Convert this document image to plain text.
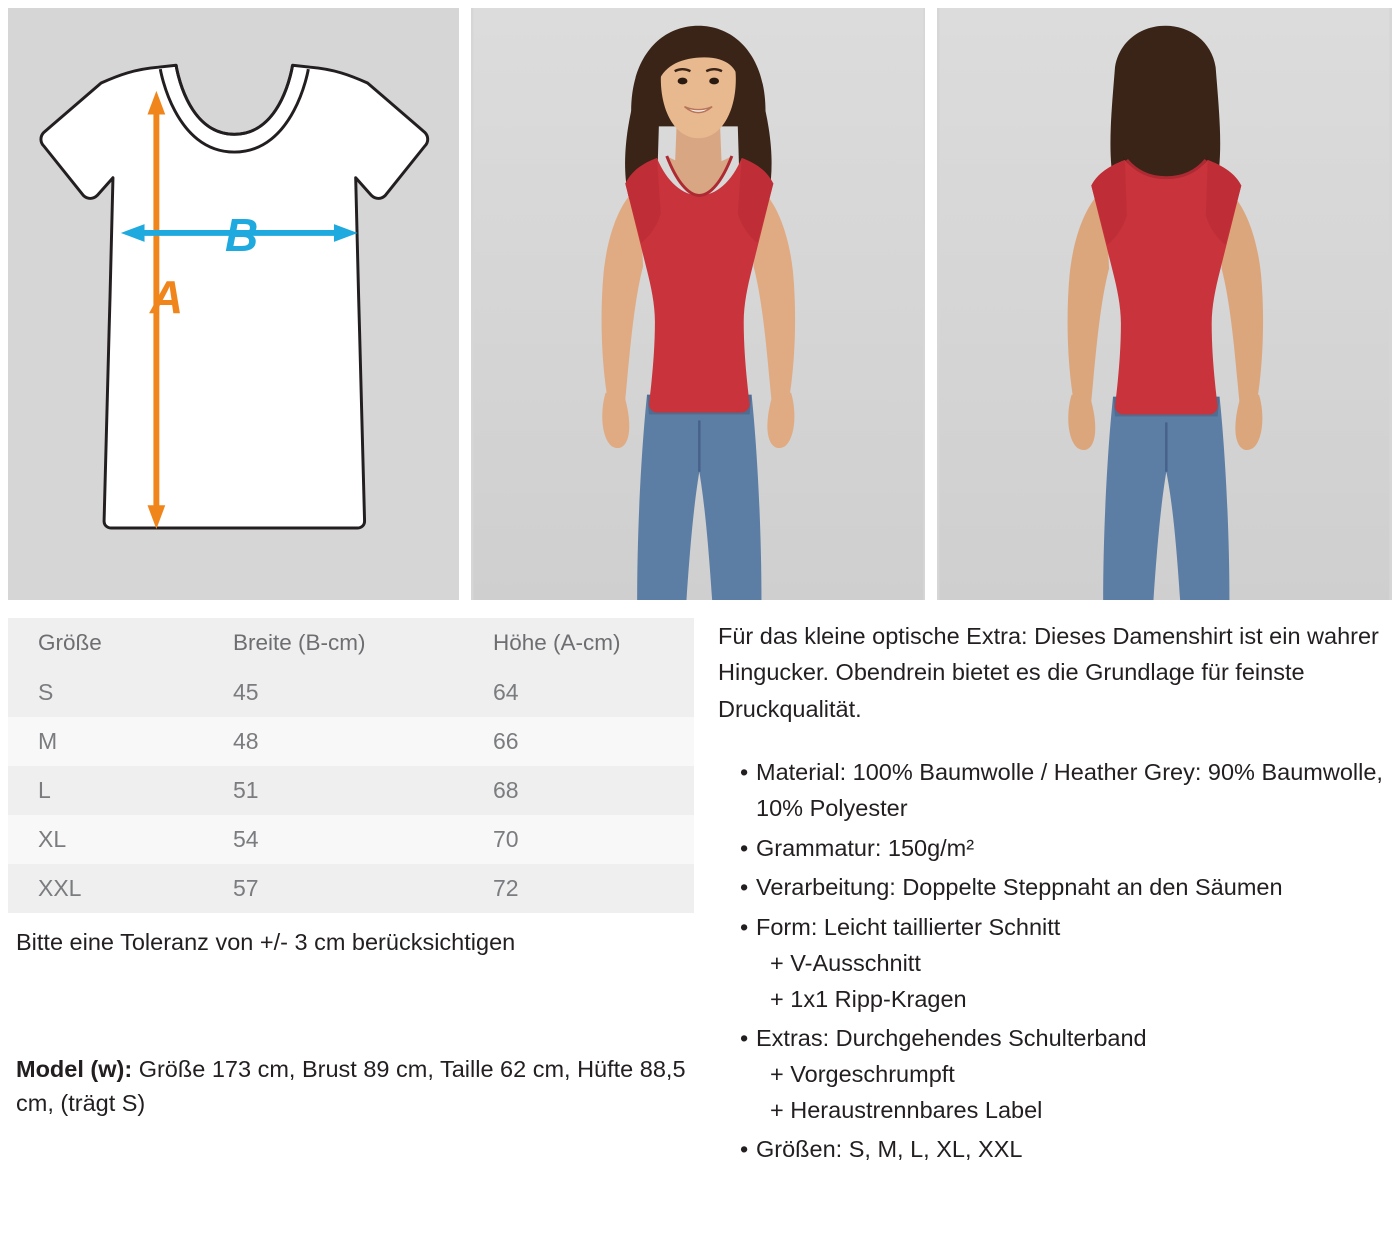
A
B
Größe	Breite (B-cm)	Höhe (A-cm)
S	45	64
M	48	66
L	51	68
XL	54	70
XXL	57	72
Bitte eine Toleranz von +/- 3 cm berücksichtigen
Model (w): Größe 173 cm, Brust 89 cm, Taille 62 cm, Hüfte 88,5 cm, (trägt S)

Für das kleine optische Extra: Dieses Damenshirt ist ein wahrer Hingucker. Obendrein bietet es die Grundlage für feinste Druckqualität.

• Material: 100% Baumwolle / Heather Grey: 90% Baumwolle, 10% Polyester
• Grammatur: 150g/m²
• Verarbeitung: Doppelte Steppnaht an den Säumen
• Form: Leicht taillierter Schnitt
+ V-Ausschnitt
+ 1x1 Ripp-Kragen
• Extras: Durchgehendes Schulterband
+ Vorgeschrumpft
+ Heraustrennbares Label
• Größen: S, M, L, XL, XXL
